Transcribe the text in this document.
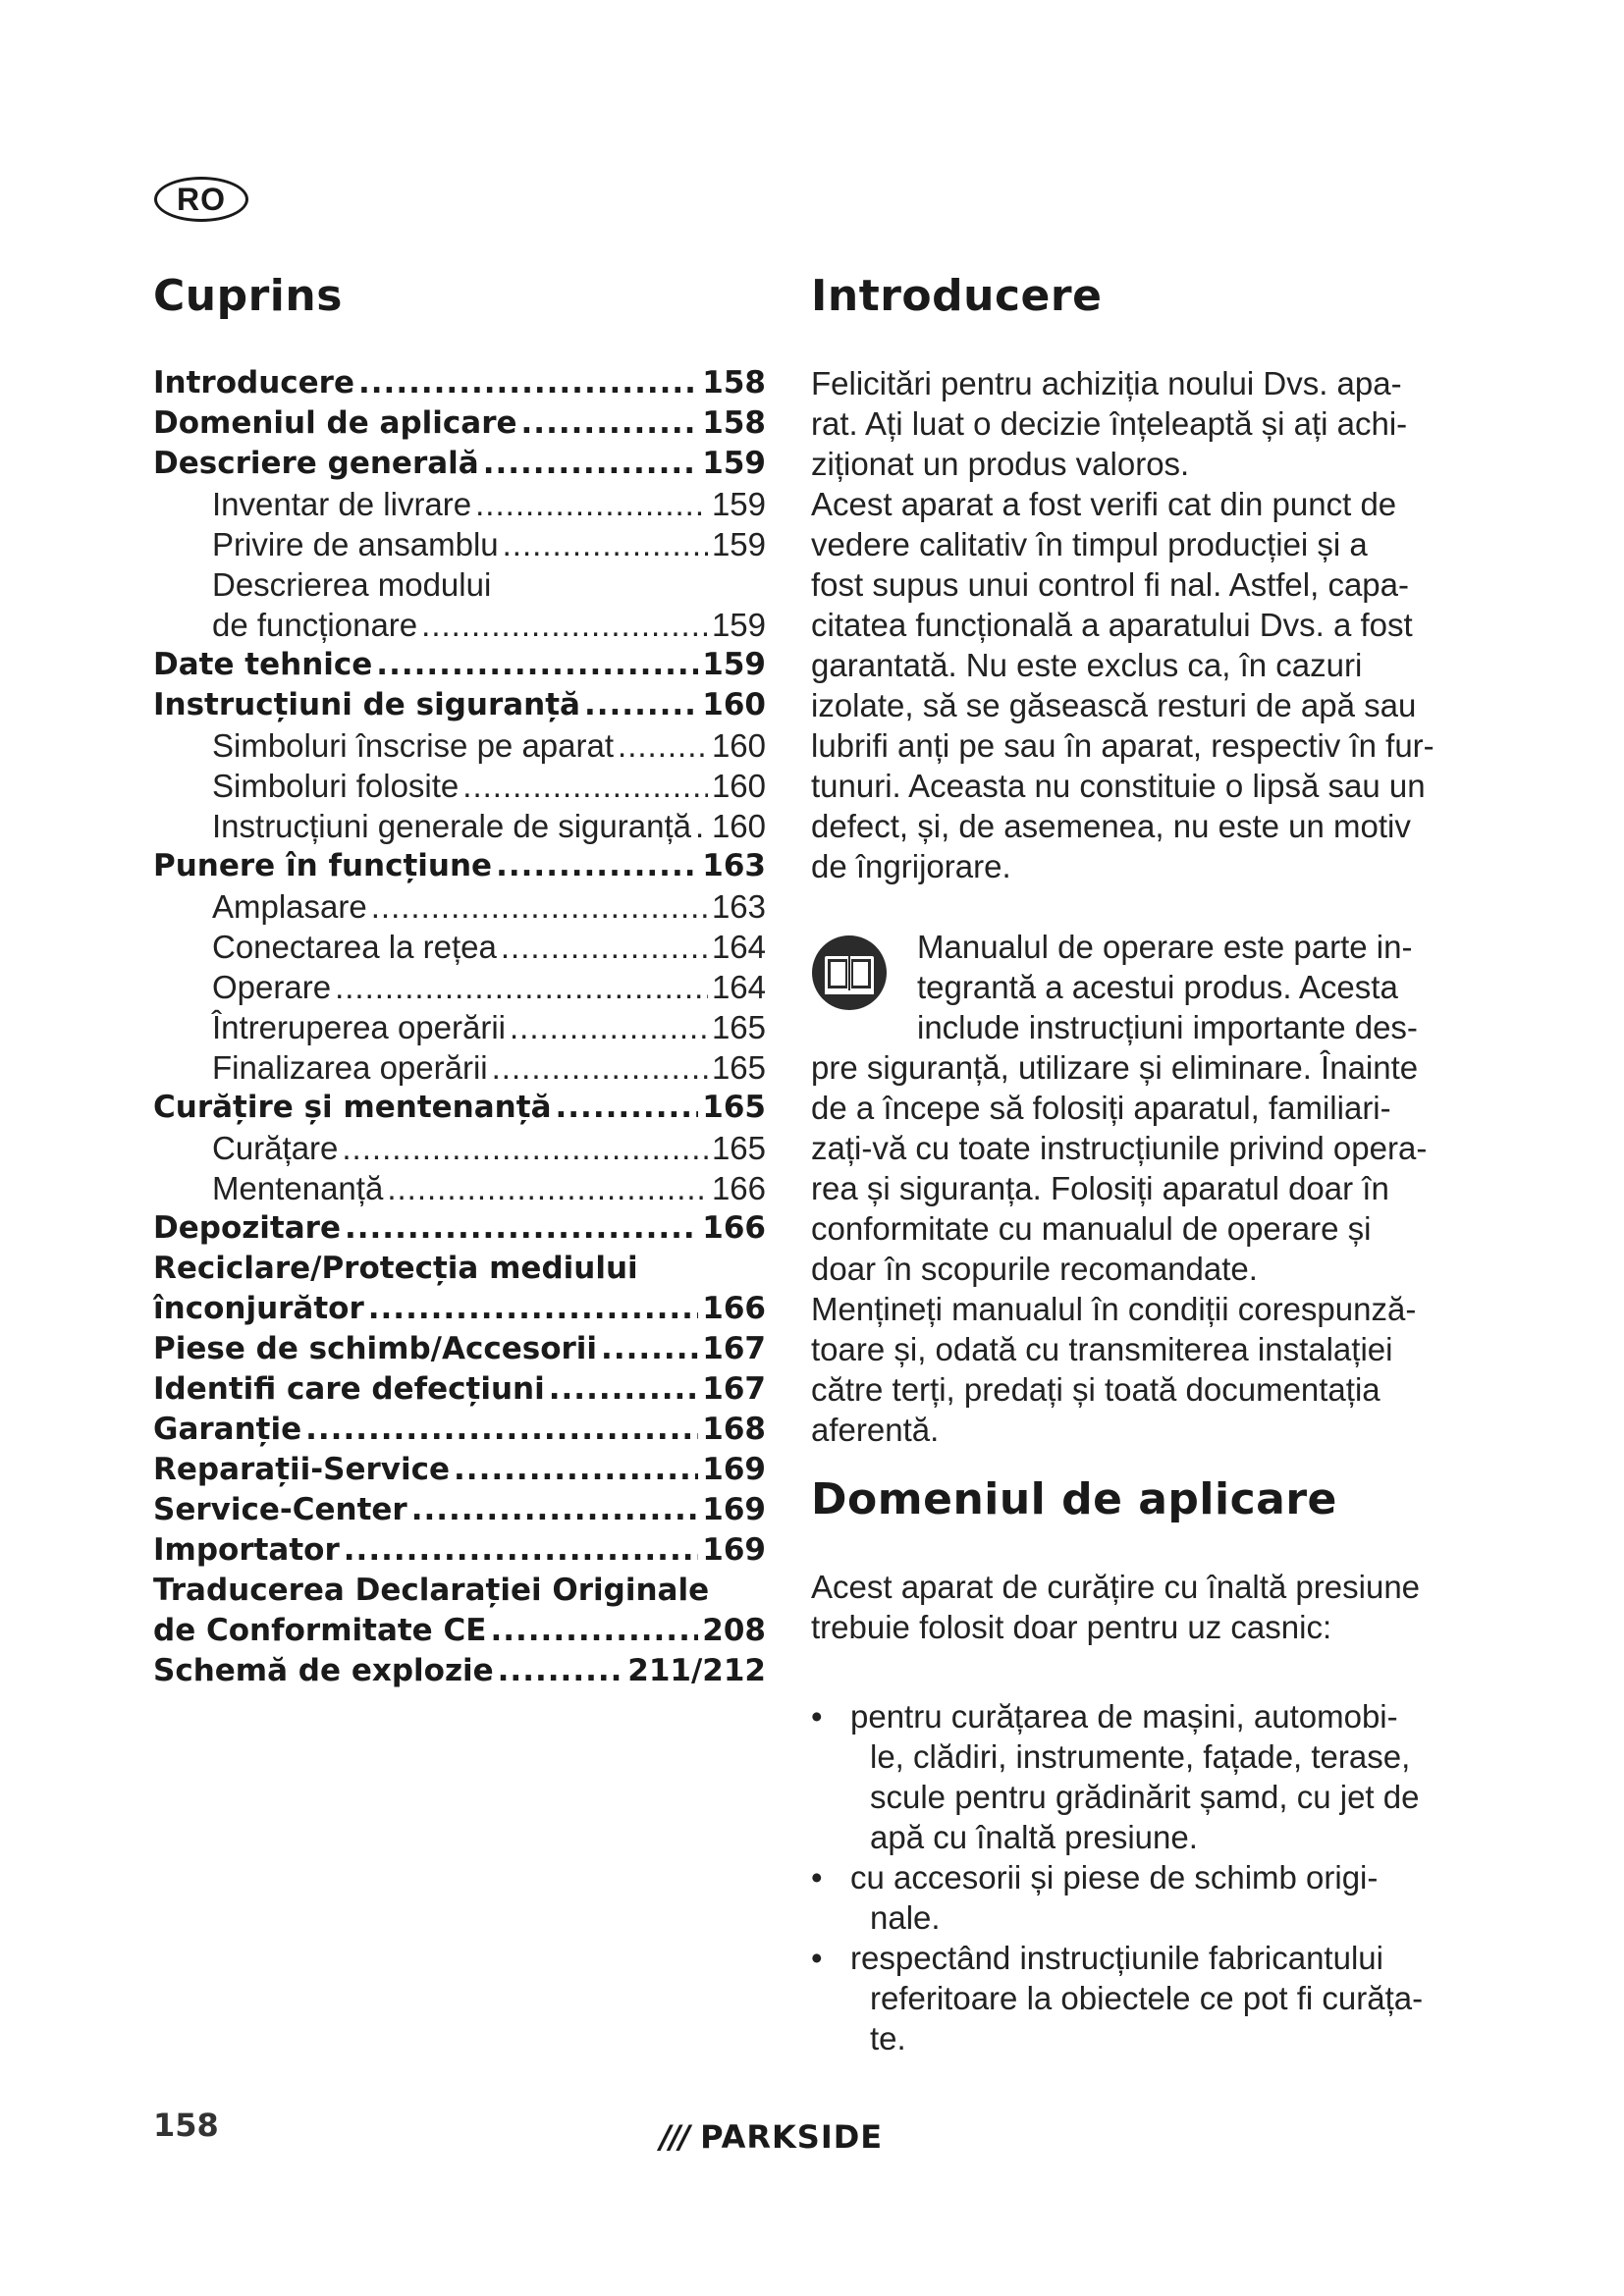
RO
Cuprins
Introducere .....	158
Domeniul de aplicare .....	158
Descriere generală .....	159
Inventar de livrare .....	159
Privire de ansamblu .....	159
Descrierea modului
de funcționare .....	159
Date tehnice .....	159
Instrucțiuni de siguranță .....	160
Simboluri înscrise pe aparat .....	160
Simboluri folosite .....	160
Instrucțiuni generale de siguranță ..... 160
Punere în funcțiune .....	163
Amplasare .....	163
Conectarea la rețea .....	164
Operare .....	164
Întreruperea operării .....	165
Finalizarea operării .....	165
Curățire și mentenanță .....	165
Curățare .....	165
Mentenanță .....	166
Depozitare .....	166
Reciclare/Protecția mediului
înconjurător .....	166
Piese de schimb/Accesorii .....	167
Identifi care defecțiuni .....	167
Garanție .....	168
Reparații-Service .....	169
Service-Center .....	169
Importator .....	169
Traducerea Declarației Originale
de Conformitate CE .....	208
Schemă de explozie .....	211/212
Introducere

Felicitări pentru achiziția noului Dvs. apa-
rat. Ați luat o decizie înțeleaptă și ați achi-
ziționat un produs valoros.
Acest aparat a fost verifi cat din punct de
vedere calitativ în timpul producției și a
fost supus unui control fi nal. Astfel, capa-
citatea funcțională a aparatului Dvs. a fost
garantată. Nu este exclus ca, în cazuri
izolate, să se găsească resturi de apă sau
lubrifi anți pe sau în aparat, respectiv în fur-
tunuri. Aceasta nu constituie o lipsă sau un
defect, și, de asemenea, nu este un motiv
de îngrijorare.

Manualul de operare este parte in-
tegrantă a acestui produs. Acesta
include instrucțiuni importante des-

pre siguranță, utilizare și eliminare. Înainte
de a începe să folosiți aparatul, familiari-
zați-vă cu toate instrucțiunile privind opera-
rea și siguranța. Folosiți aparatul doar în
conformitate cu manualul de operare și
doar în scopurile recomandate.
Mențineți manualul în condiții corespunză-
toare și, odată cu transmiterea instalației
către terți, predați și toată documentația
aferentă.

Domeniul de aplicare

Acest aparat de curățire cu înaltă presiune
trebuie folosit doar pentru uz casnic:

• pentru curățarea de mașini, automobi-
le, clădiri, instrumente, fațade, terase,
scule pentru grădinărit șamd, cu jet de
apă cu înaltă presiune.
• cu accesorii și piese de schimb origi-
nale.
• respectând instrucțiunile fabricantului
referitoare la obiectele ce pot fi curăța-
te.
158	/// PARKSIDE
